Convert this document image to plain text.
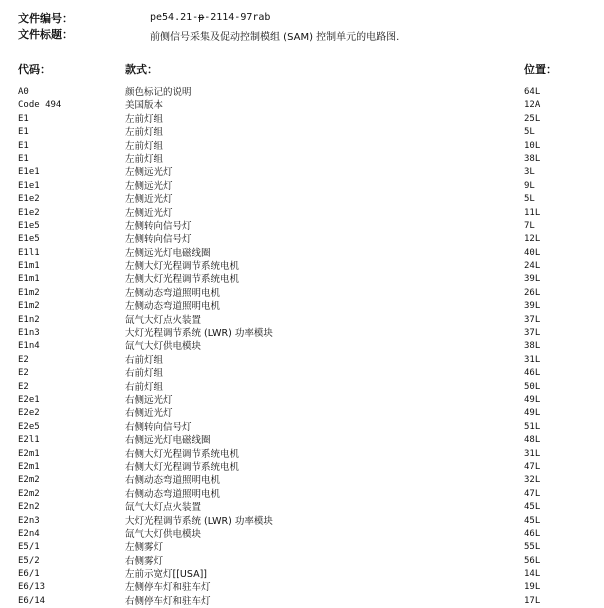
文件编号：	pe54.21-p-2114-97rab
文件标题：	前侧信号采集及促动控制模组 (SAM) 控制单元的电路图.
代码：	款式：	位置：
A0	颜色标记的说明	64L
Code 494	美国版本	12A
E1	左前灯组	25L
E1	左前灯组	5L
E1	左前灯组	10L
E1	左前灯组	38L
E1e1	左侧远光灯	3L
E1e1	左侧远光灯	9L
E1e2	左侧近光灯	5L
E1e2	左侧近光灯	11L
E1e5	左侧转向信号灯	7L
E1e5	左侧转向信号灯	12L
E1l1	左侧远光灯电磁线圈	40L
E1m1	左侧大灯光程调节系统电机	24L
E1m1	左侧大灯光程调节系统电机	39L
E1m2	左侧动态弯道照明电机	26L
E1m2	左侧动态弯道照明电机	39L
E1n2	氙气大灯点火装置	37L
E1n3	大灯光程调节系统 (LWR) 功率模块	37L
E1n4	氙气大灯供电模块	38L
E2	右前灯组	31L
E2	右前灯组	46L
E2	右前灯组	50L
E2e1	右侧远光灯	49L
E2e2	右侧近光灯	49L
E2e5	右侧转向信号灯	51L
E2l1	右侧远光灯电磁线圈	48L
E2m1	右侧大灯光程调节系统电机	31L
E2m1	右侧大灯光程调节系统电机	47L
E2m2	右侧动态弯道照明电机	32L
E2m2	右侧动态弯道照明电机	47L
E2n2	氙气大灯点火装置	45L
E2n3	大灯光程调节系统 (LWR) 功率模块	45L
E2n4	氙气大灯供电模块	46L
E5/1	左侧雾灯	55L
E5/2	右侧雾灯	56L
E6/1	左前示宽灯[[USA]]	14L
E6/13	左侧停车灯和驻车灯	19L
E6/14	右侧停车灯和驻车灯	17L
